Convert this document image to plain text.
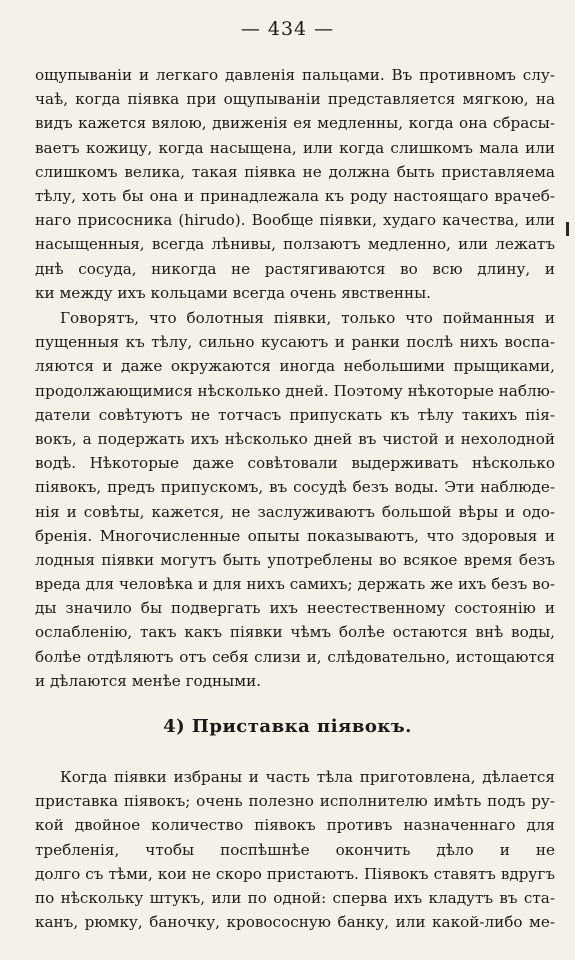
— 434 —
ощупываніи и легкаго давленія пальцами. Въ противномъ слу-
чаѣ, когда піявка при ощупываніи представляется мягкою, на
видъ кажется вялою, движенія ея медленны, когда она сбрасы-
ваетъ кожицу, когда насыщена, или когда слишкомъ мала или
слишкомъ велика, такая піявка не должна быть приставляема
тѣлу, хоть бы она и принадлежала къ роду настоящаго врачеб-
наго присосника (hirudo). Вообще піявки, худаго качества, или
насыщенныя, всегда лѣнивы, ползаютъ медленно, или лежатъ
днѣ сосуда, никогда не растягиваются во всю длину, и
ки между ихъ кольцами всегда очень явственны.
Говорятъ, что болотныя піявки, только что пойманныя и
пущенныя къ тѣлу, сильно кусаютъ и ранки послѣ нихъ воспа-
ляются и даже окружаются иногда небольшими прыщиками,
продолжающимися нѣсколько дней. Поэтому нѣкоторые наблю-
датели совѣтуютъ не тотчасъ припускать къ тѣлу такихъ пія-
вокъ, а подержать ихъ нѣсколько дней въ чистой и нехолодной
водѣ. Нѣкоторые даже совѣтовали выдерживать нѣсколько
піявокъ, предъ припускомъ, въ сосудѣ безъ воды. Эти наблюде-
нія и совѣты, кажется, не заслуживаютъ большой вѣры и одо-
бренія. Многочисленные опыты показываютъ, что здоровыя и
лодныя піявки могутъ быть употреблены во всякое время безъ
вреда для человѣка и для нихъ самихъ; держать же ихъ безъ во-
ды значило бы подвергать ихъ неестественному состоянію и
ослабленію, такъ какъ піявки чѣмъ болѣе остаются внѣ воды,
болѣе отдѣляютъ отъ себя слизи и, слѣдовательно, истощаются
и дѣлаются менѣе годными.
4) Приставка піявокъ.
Когда піявки избраны и часть тѣла приготовлена, дѣлается
приставка піявокъ; очень полезно исполнителю имѣть подъ ру-
кой двойное количество піявокъ противъ назначеннаго для
требленія, чтобы поспѣшнѣе окончить дѣло и не
долго съ тѣми, кои не скоро пристаютъ. Піявокъ ставятъ вдругъ
по нѣскольку штукъ, или по одной: сперва ихъ кладутъ въ ста-
канъ, рюмку, баночку, кровососную банку, или какой-либо ме-
